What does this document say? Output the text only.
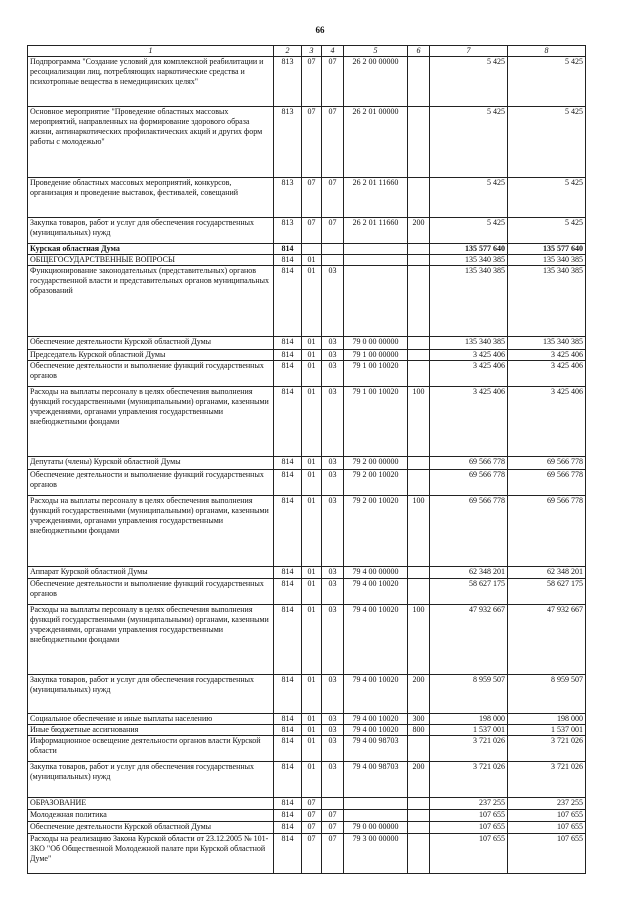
66
1	2	3	4	5	6	7	8
Подпрограмма "Создание условий для комплексной реабилитации и ресоциализации лиц, потребляющих наркотические средства и психотропные вещества в немедицинских целях"	813	07	07	26 2 00 00000		5 425	5 425
Основное мероприятие "Проведение областных массовых мероприятий, направленных на формирование здорового образа жизни, антинаркотических профилактических акций и других форм работы с молодежью"	813	07	07	26 2 01 00000		5 425	5 425
Проведение областных массовых мероприятий, конкурсов, организация и проведение выставок, фестивалей, совещаний	813	07	07	26 2 01 11660		5 425	5 425
Закупка товаров, работ и услуг для обеспечения государственных (муниципальных) нужд	813	07	07	26 2 01 11660	200	5 425	5 425
Курская областная Дума	814					135 577 640	135 577 640
ОБЩЕГОСУДАРСТВЕННЫЕ ВОПРОСЫ	814	01				135 340 385	135 340 385
Функционирование законодательных (представительных) органов государственной власти и представительных органов муниципальных образований	814	01	03			135 340 385	135 340 385
Обеспечение деятельности Курской областной Думы	814	01	03	79 0 00 00000		135 340 385	135 340 385
Председатель Курской областной Думы	814	01	03	79 1 00 00000		3 425 406	3 425 406
Обеспечение деятельности и выполнение функций государственных органов	814	01	03	79 1 00 10020		3 425 406	3 425 406
Расходы на выплаты персоналу в целях обеспечения выполнения функций государственными (муниципальными) органами, казенными учреждениями, органами управления государственными внебюджетными фондами	814	01	03	79 1 00 10020	100	3 425 406	3 425 406
Депутаты (члены) Курской областной Думы	814	01	03	79 2 00 00000		69 566 778	69 566 778
Обеспечение деятельности и выполнение функций государственных органов	814	01	03	79 2 00 10020		69 566 778	69 566 778
Расходы на выплаты персоналу в целях обеспечения выполнения функций государственными (муниципальными) органами, казенными учреждениями, органами управления государственными внебюджетными фондами	814	01	03	79 2 00 10020	100	69 566 778	69 566 778
Аппарат Курской областной Думы	814	01	03	79 4 00 00000		62 348 201	62 348 201
Обеспечение деятельности и выполнение функций государственных органов	814	01	03	79 4 00 10020		58 627 175	58 627 175
Расходы на выплаты персоналу в целях обеспечения выполнения функций государственными (муниципальными) органами, казенными учреждениями, органами управления государственными внебюджетными фондами	814	01	03	79 4 00 10020	100	47 932 667	47 932 667
Закупка товаров, работ и услуг для обеспечения государственных (муниципальных) нужд	814	01	03	79 4 00 10020	200	8 959 507	8 959 507
Социальное обеспечение и иные выплаты населению	814	01	03	79 4 00 10020	300	198 000	198 000
Иные бюджетные ассигнования	814	01	03	79 4 00 10020	800	1 537 001	1 537 001
Информационное освещение деятельности органов власти Курской области	814	01	03	79 4 00 98703		3 721 026	3 721 026
Закупка товаров, работ и услуг для обеспечения государственных (муниципальных) нужд	814	01	03	79 4 00 98703	200	3 721 026	3 721 026
ОБРАЗОВАНИЕ	814	07				237 255	237 255
Молодежная политика	814	07	07			107 655	107 655
Обеспечение деятельности Курской областной Думы	814	07	07	79 0 00 00000		107 655	107 655
Расходы на реализацию Закона Курской области от 23.12.2005 № 101-ЗКО "Об Общественной Молодежной палате при Курской областной Думе"	814	07	07	79 3 00 00000		107 655	107 655
